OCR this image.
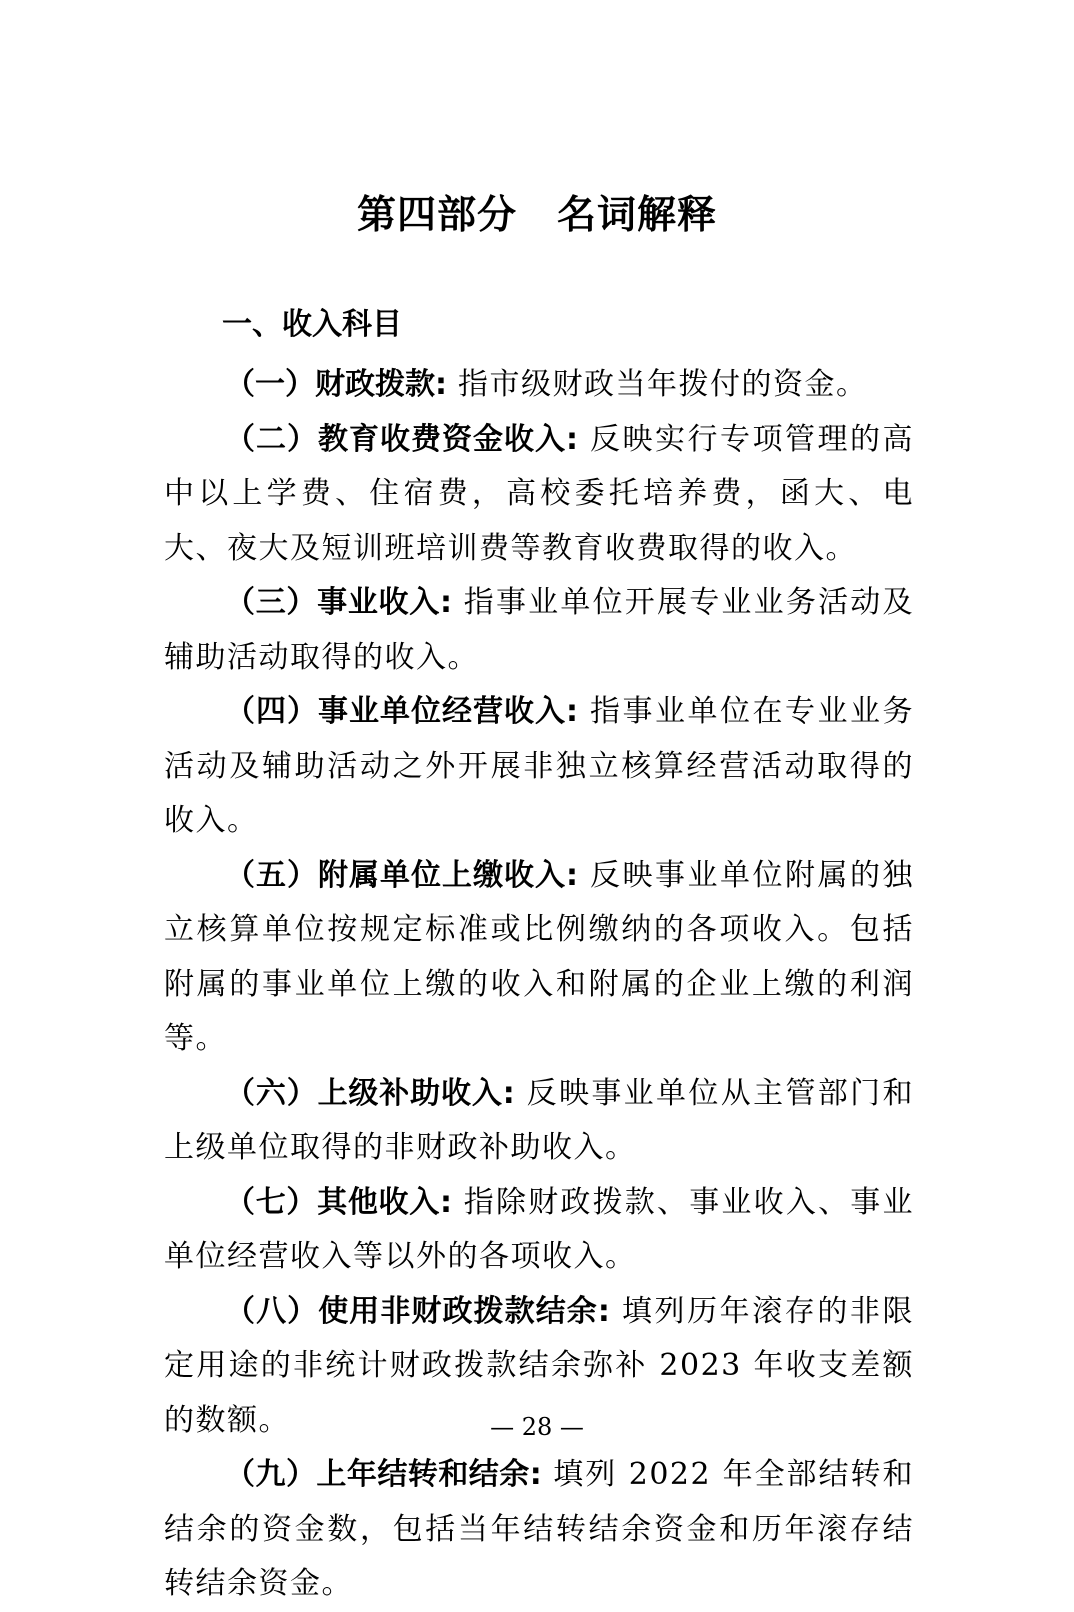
第四部分 名词解释
一、收入科目

（一）财政拨款: 指市级财政当年拨付的资金。

（二）教育收费资金收入: 反映实行专项管理的高中以上学费、住宿费，高校委托培养费，函大、电大、夜大及短训班培训费等教育收费取得的收入。

（三）事业收入: 指事业单位开展专业业务活动及辅助活动取得的收入。

（四）事业单位经营收入: 指事业单位在专业业务活动及辅助活动之外开展非独立核算经营活动取得的收入。

（五）附属单位上缴收入: 反映事业单位附属的独立核算单位按规定标准或比例缴纳的各项收入。包括附属的事业单位上缴的收入和附属的企业上缴的利润等。

（六）上级补助收入: 反映事业单位从主管部门和上级单位取得的非财政补助收入。

（七）其他收入: 指除财政拨款、事业收入、事业单位经营收入等以外的各项收入。

（八）使用非财政拨款结余: 填列历年滚存的非限定用途的非统计财政拨款结余弥补 2023 年收支差额的数额。

（九）上年结转和结余: 填列 2022 年全部结转和结余的资金数，包括当年结转结余资金和历年滚存结转结余资金。

— 28 —
